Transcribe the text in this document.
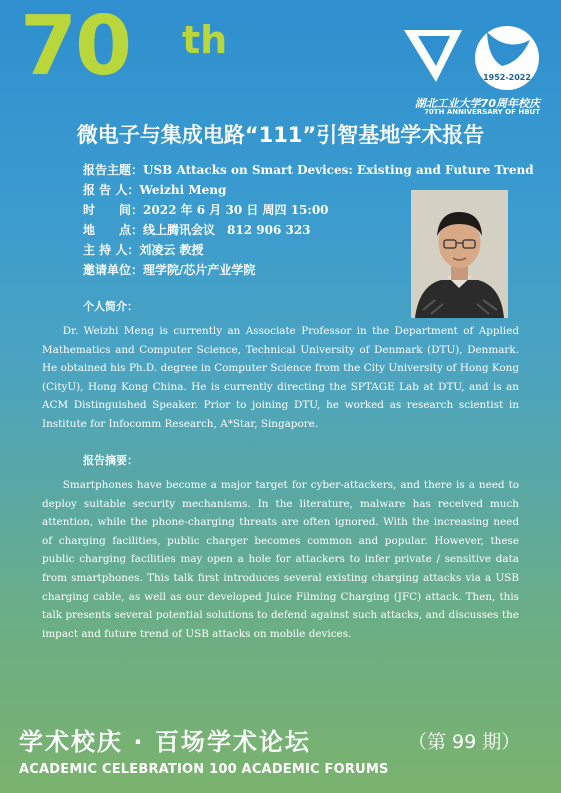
70 th
1952-2022
湖北工业大学70周年校庆
70TH ANNIVERSARY OF HBUT
微电子与集成电路“111”引智基地学术报告
报告主题：USB Attacks on Smart Devices: Existing and Future Trend
报 告 人：Weizhi Meng
时　　间：2022 年 6 月 30 日 周四 15:00
地　　点：线上腾讯会议　812 906 323
主 持 人：刘凌云 教授
邀请单位：理学院/芯片产业学院
个人简介：

Dr. Weizhi Meng is currently an Associate Professor in the Department of Applied Mathematics and Computer Science, Technical University of Denmark (DTU), Denmark. He obtained his Ph.D. degree in Computer Science from the City University of Hong Kong (CityU), Hong Kong China. He is currently directing the SPTAGE Lab at DTU, and is an ACM Distinguished Speaker. Prior to joining DTU, he worked as research scientist in Institute for Infocomm Research, A*Star, Singapore.

报告摘要：

Smartphones have become a major target for cyber-attackers, and there is a need to deploy suitable security mechanisms. In the literature, malware has received much attention, while the phone-charging threats are often ignored. With the increasing need of charging facilities, public charger becomes common and popular. However, these public charging facilities may open a hole for attackers to infer private / sensitive data from smartphones. This talk first introduces several existing charging attacks via a USB charging cable, as well as our developed Juice Filming Charging (JFC) attack. Then, this talk presents several potential solutions to defend against such attacks, and discusses the impact and future trend of USB attacks on mobile devices.

学术校庆 · 百场学术论坛	（第 99 期）
ACADEMIC CELEBRATION 100 ACADEMIC FORUMS
